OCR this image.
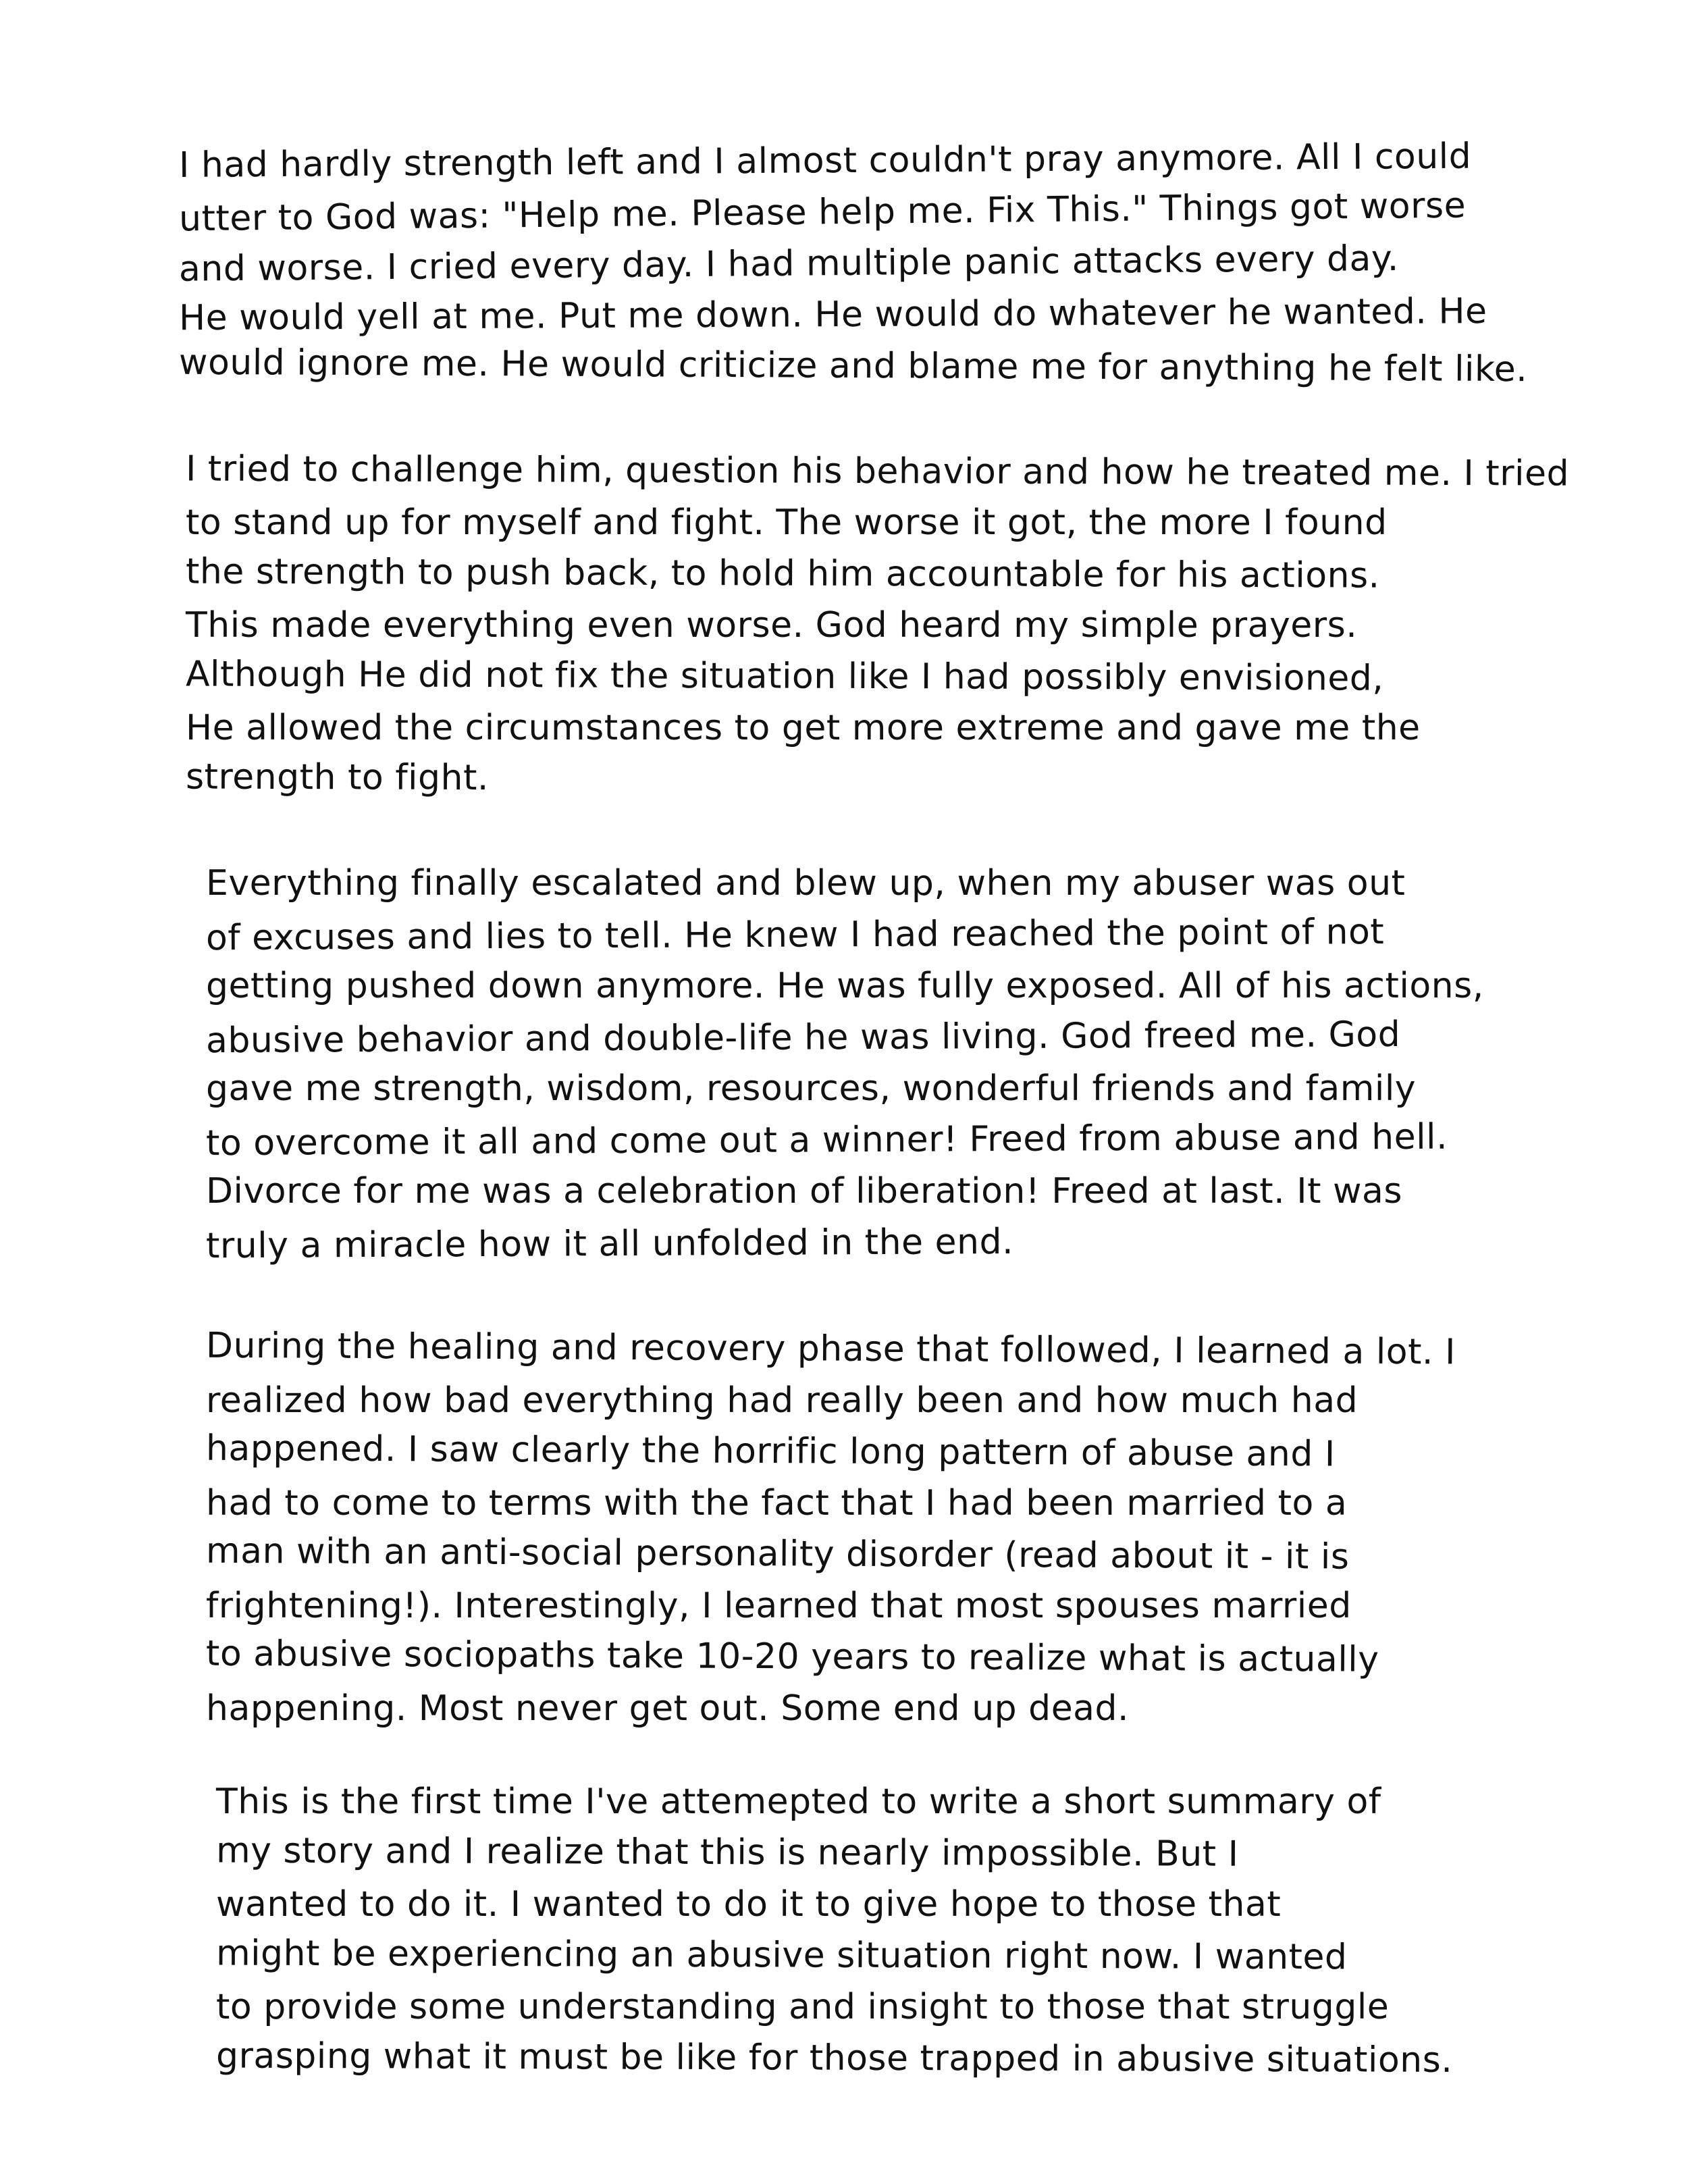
I had hardly strength left and I almost couldn't pray anymore. All I could
utter to God was: "Help me. Please help me. Fix This." Things got worse
and worse. I cried every day. I had multiple panic attacks every day.
He would yell at me. Put me down. He would do whatever he wanted. He
would ignore me. He would criticize and blame me for anything he felt like.
I tried to challenge him, question his behavior and how he treated me. I tried
to stand up for myself and fight. The worse it got, the more I found
the strength to push back, to hold him accountable for his actions.
This made everything even worse. God heard my simple prayers.
Although He did not fix the situation like I had possibly envisioned,
He allowed the circumstances to get more extreme and gave me the
strength to fight.
Everything finally escalated and blew up, when my abuser was out
of excuses and lies to tell. He knew I had reached the point of not
getting pushed down anymore. He was fully exposed. All of his actions,
abusive behavior and double-life he was living. God freed me. God
gave me strength, wisdom, resources, wonderful friends and family
to overcome it all and come out a winner! Freed from abuse and hell.
Divorce for me was a celebration of liberation! Freed at last. It was
truly a miracle how it all unfolded in the end.
During the healing and recovery phase that followed, I learned a lot. I
realized how bad everything had really been and how much had
happened. I saw clearly the horrific long pattern of abuse and I
had to come to terms with the fact that I had been married to a
man with an anti-social personality disorder (read about it - it is
frightening!). Interestingly, I learned that most spouses married
to abusive sociopaths take 10-20 years to realize what is actually
happening. Most never get out. Some end up dead.
This is the first time I've attemepted to write a short summary of
my story and I realize that this is nearly impossible. But I
wanted to do it. I wanted to do it to give hope to those that
might be experiencing an abusive situation right now. I wanted
to provide some understanding and insight to those that struggle
grasping what it must be like for those trapped in abusive situations.
